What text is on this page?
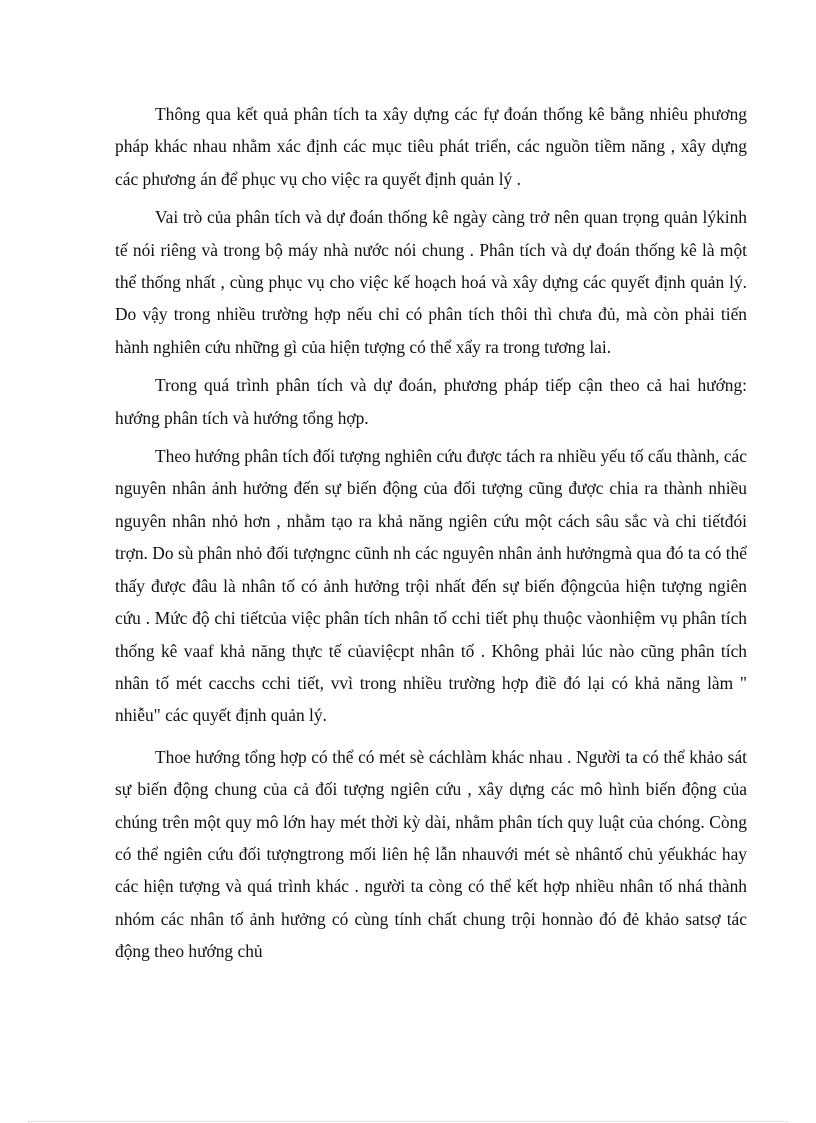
Thông qua kết quả phân tích ta xây dựng các fự đoán thống kê bằng nhiêu phương pháp khác nhau nhằm xác định các mục tiêu phát triển, các nguồn tiềm năng , xây dựng các phương án để phục vụ cho việc ra quyết định quản lý .

Vai trò của phân tích và dự đoán thống kê ngày càng trở nên quan trọng quản lýkinh tế nói riêng và trong bộ máy nhà nước nói chung . Phân tích và dự đoán thống kê là một thể thống nhất , cùng phục vụ cho việc kế hoạch hoá và xây dựng các quyết định quản lý. Do vậy trong nhiều trường hợp nếu chỉ có phân tích thôi thì chưa đủ, mà còn phải tiến hành nghiên cứu những gì của hiện tượng có thể xẩy ra trong tương lai.

Trong quá trình phân tích và dự đoán, phương pháp tiếp cận theo cả hai hướng: hướng phân tích và hướng tổng hợp.

Theo hướng phân tích đối tượng nghiên cứu được tách ra nhiều yếu tố cấu thành, các nguyên nhân ảnh hưởng đến sự biến động của đối tượng cũng được chia ra thành nhiều nguyên nhân nhỏ hơn , nhằm tạo ra khả năng ngiên cứu một cách sâu sắc và chi tiếtđói trợn. Do sù phân nhỏ đối tượngnc cũnh nh các nguyên nhân ảnh hưởngmà qua đó ta có thể thấy được đâu là nhân tố có ảnh hưởng trội nhất đến sự biến độngcủa hiện tượng ngiên cứu . Mức độ chi tiếtcủa việc phân tích nhân tố cchi tiết phụ thuộc vàonhiệm vụ phân tích thống kê vaaf khả năng thực tế củaviệcpt nhân tố . Không phải lúc nào cũng phân tích nhân tố mét cacchs cchi tiết, vvì trong nhiều trường hợp điề đó lại có khả năng làm " nhiễu" các quyết định quản lý.

Thoe hướng tổng hợp có thể có mét sè cáchlàm khác nhau . Người ta có thể khảo sát sự biến động chung của cả đối tượng ngiên cứu , xây dựng các mô hình biến động của chúng trên một quy mô lớn hay mét thời kỳ dài, nhằm phân tích quy luật của chóng. Còng có thể ngiên cứu đối tượngtrong mối liên hệ lẫn nhauvới mét sè nhântố chủ yếukhác hay các hiện tượng và quá trình khác . người ta còng có thể kết hợp nhiều nhân tố nhá thành nhóm các nhân tố ảnh hưởng có cùng tính chất chung trội honnào đó đẻ khảo satsợ tác động theo hướng chủ
